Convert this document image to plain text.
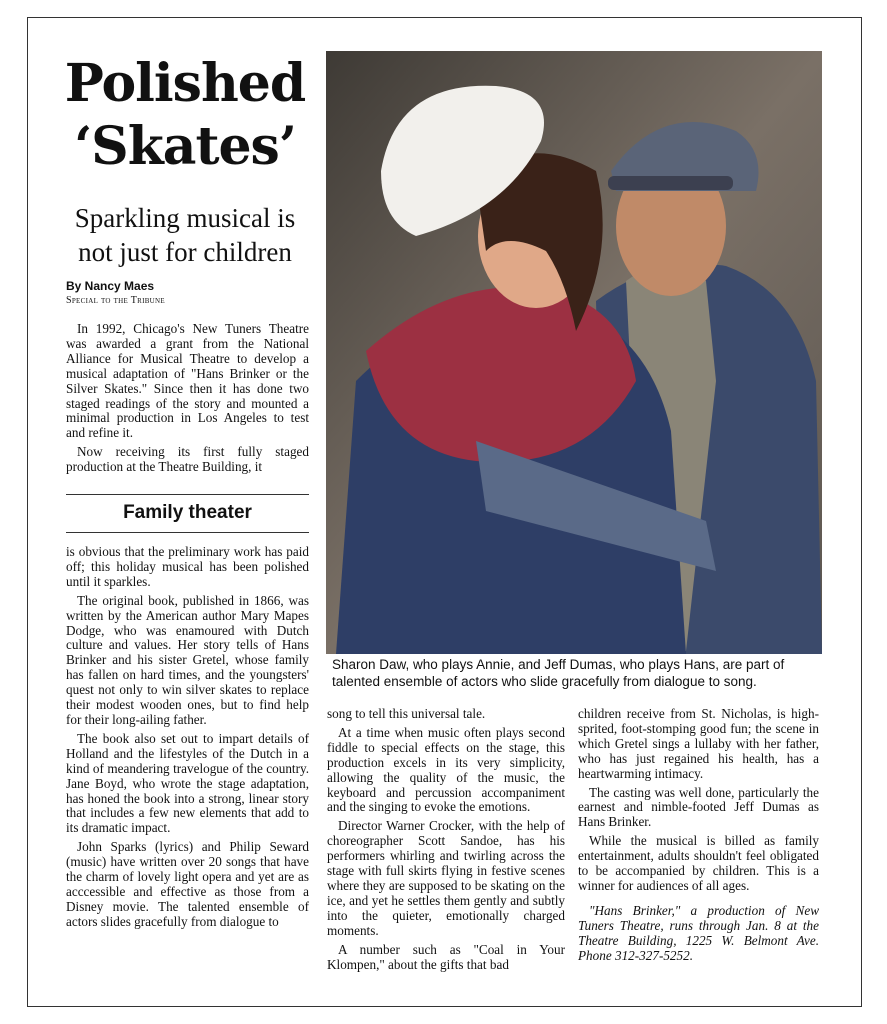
Polished
‘Skates’
Sparkling musical is
not just for children
By Nancy Maes
Special to the Tribune

In 1992, Chicago's New Tuners Theatre was awarded a grant from the National Alliance for Musical Theatre to develop a musical adaptation of "Hans Brinker or the Silver Skates." Since then it has done two staged readings of the story and mounted a minimal production in Los Angeles to test and refine it.

Now receiving its first fully staged production at the Theatre Building, it

Family theater

is obvious that the preliminary work has paid off; this holiday musical has been polished until it sparkles.

The original book, published in 1866, was written by the American author Mary Mapes Dodge, who was enamoured with Dutch culture and values. Her story tells of Hans Brinker and his sister Gretel, whose family has fallen on hard times, and the youngsters' quest not only to win silver skates to replace their modest wooden ones, but to find help for their long-ailing father.

The book also set out to impart details of Holland and the lifestyles of the Dutch in a kind of meandering travelogue of the country. Jane Boyd, who wrote the stage adaptation, has honed the book into a strong, linear story that includes a few new elements that add to its dramatic impact.

John Sparks (lyrics) and Philip Seward (music) have written over 20 songs that have the charm of lovely light opera and yet are as acccessible and effective as those from a Disney movie. The talented ensemble of actors slides gracefully from dialogue to

Sharon Daw, who plays Annie, and Jeff Dumas, who plays Hans, are part of talented ensemble of actors who slide gracefully from dialogue to song.

song to tell this universal tale.

At a time when music often plays second fiddle to special effects on the stage, this production excels in its very simplicity, allowing the quality of the music, the keyboard and percussion accompaniment and the singing to evoke the emotions.

Director Warner Crocker, with the help of choreographer Scott Sandoe, has his performers whirling and twirling across the stage with full skirts flying in festive scenes where they are supposed to be skating on the ice, and yet he settles them gently and subtly into the quieter, emotionally charged moments.

A number such as "Coal in Your Klompen," about the gifts that bad

children receive from St. Nicholas, is high-sprited, foot-stomping good fun; the scene in which Gretel sings a lullaby with her father, who has just regained his health, has a heartwarming intimacy.

The casting was well done, particularly the earnest and nimble-footed Jeff Dumas as Hans Brinker.

While the musical is billed as family entertainment, adults shouldn't feel obligated to be accompanied by children. This is a winner for audiences of all ages.

"Hans Brinker," a production of New Tuners Theatre, runs through Jan. 8 at the Theatre Building, 1225 W. Belmont Ave. Phone 312-327-5252.
